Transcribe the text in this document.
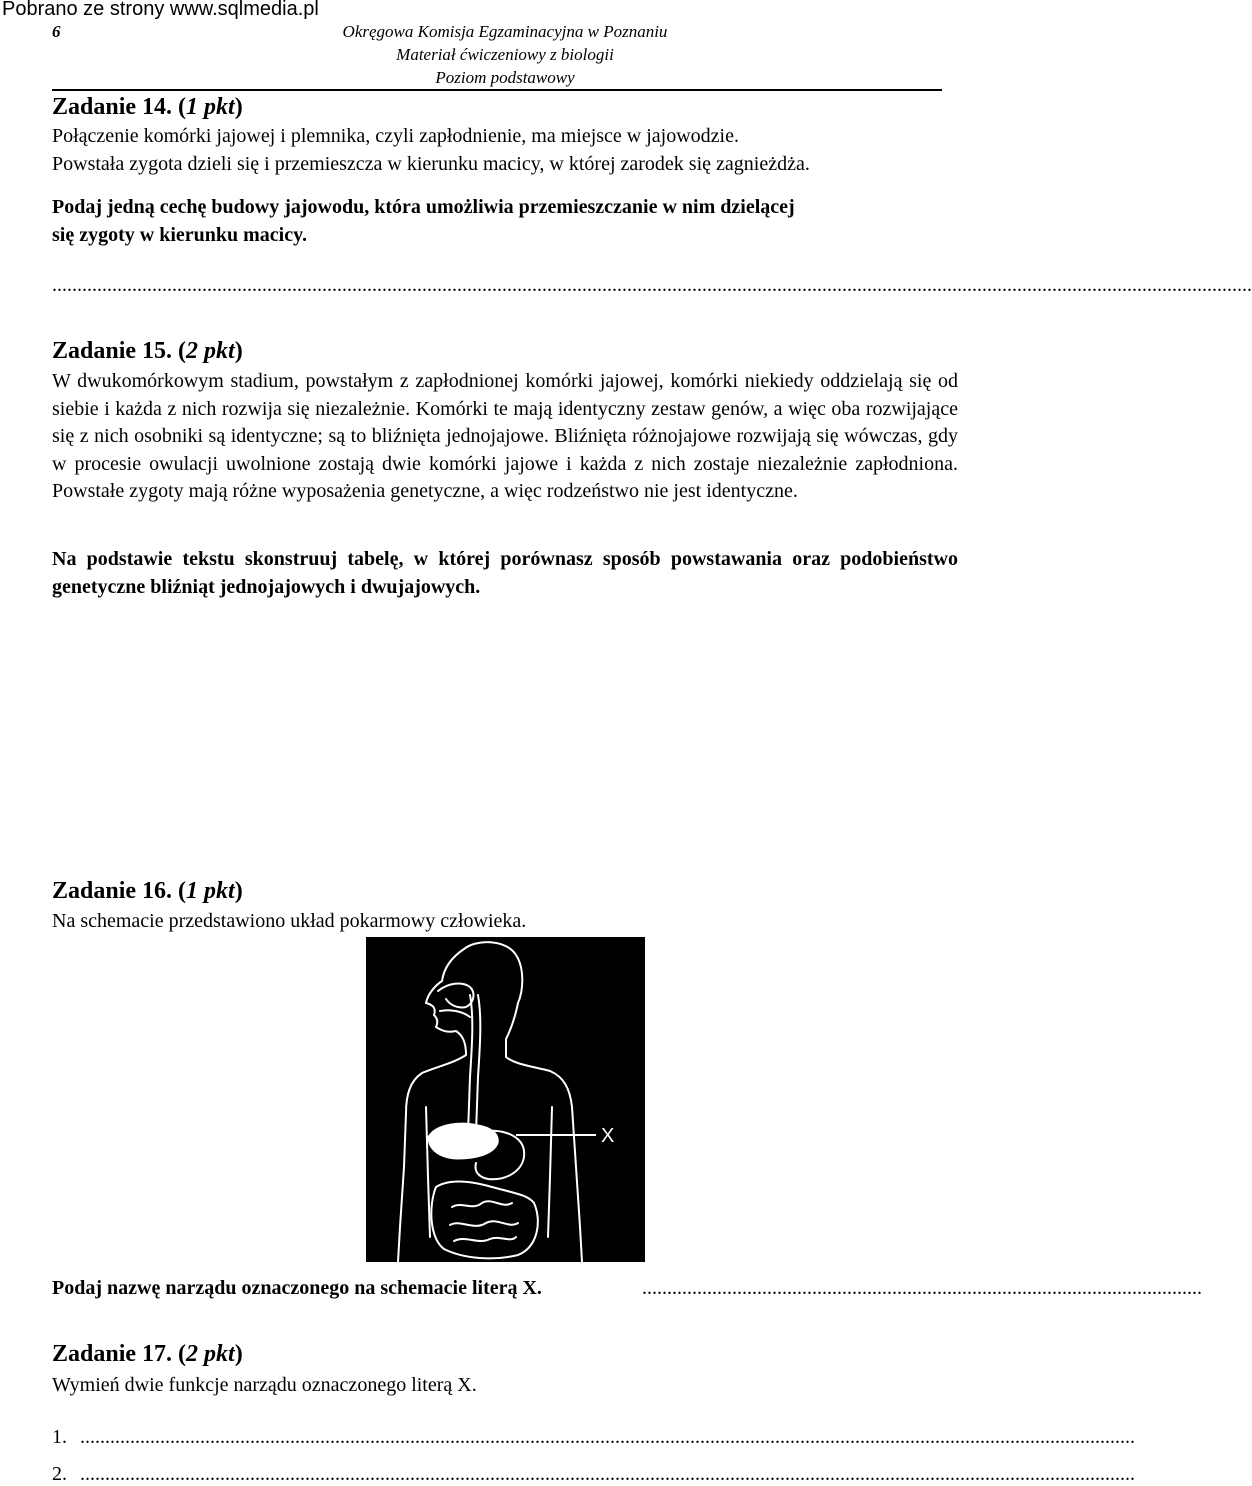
Pobrano ze strony www.sqlmedia.pl
6	Okręgowa Komisja Egzaminacyjna w Poznaniu
Materiał ćwiczeniowy z biologii
Poziom podstawowy
Zadanie 14. (1 pkt)
Połączenie komórki jajowej i plemnika, czyli zapłodnienie, ma miejsce w jajowodzie.
Powstała zygota dzieli się i przemieszcza w kierunku macicy, w której zarodek się zagnieżdża.
Podaj jedną cechę budowy jajowodu, która umożliwia przemieszczanie w nim dzielącej
się zygoty w kierunku macicy.
................................................................................................................................................................................................................................................
Zadanie 15. (2 pkt)
W dwukomórkowym stadium, powstałym z zapłodnionej komórki jajowej, komórki niekiedy oddzielają się od siebie i każda z nich rozwija się niezależnie. Komórki te mają identyczny zestaw genów, a więc oba rozwijające się z nich osobniki są identyczne; są to bliźnięta jednojajowe. Bliźnięta różnojajowe rozwijają się wówczas, gdy w procesie owulacji uwolnione zostają dwie komórki jajowe i każda z nich zostaje niezależnie zapłodniona. Powstałe zygoty mają różne wyposażenia genetyczne, a więc rodzeństwo nie jest identyczne.
Na podstawie tekstu skonstruuj tabelę, w której porównasz sposób powstawania oraz podobieństwo genetyczne bliźniąt jednojajowych i dwujajowych.
Zadanie 16. (1 pkt)
Na schemacie przedstawiono układ pokarmowy człowieka.
X
Podaj nazwę narządu oznaczonego na schemacie literą X.	................................................................................................................
Zadanie 17. (2 pkt)
Wymień dwie funkcje narządu oznaczonego literą X.
1. ...................................................................................................................................................................................................................
2. ...................................................................................................................................................................................................................
